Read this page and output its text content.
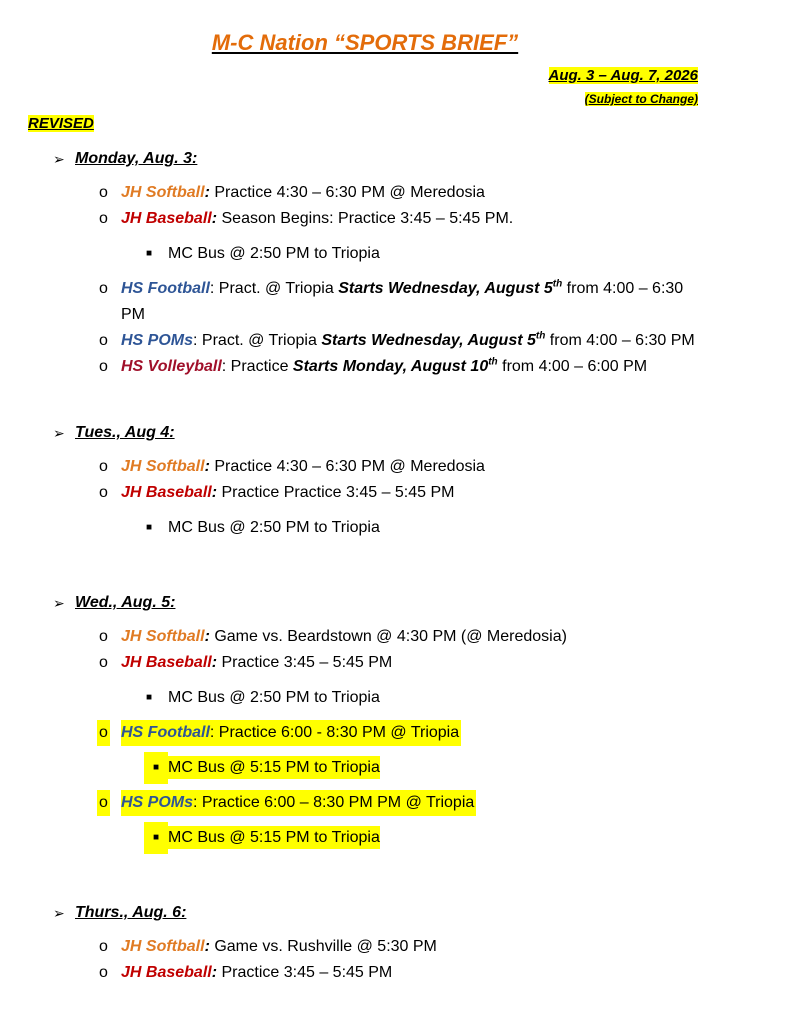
M-C Nation “SPORTS BRIEF”
Aug. 3 – Aug. 7, 2026
(Subject to Change)
REVISED
➢ Monday, Aug. 3:
o JH Softball: Practice 4:30 – 6:30 PM @ Meredosia
o JH Baseball: Season Begins: Practice 3:45 – 5:45 PM.
■ MC Bus @ 2:50 PM to Triopia
o HS Football: Pract. @ Triopia Starts Wednesday, August 5th from 4:00 – 6:30 PM
o HS POMs: Pract. @ Triopia Starts Wednesday, August 5th from 4:00 – 6:30 PM
o HS Volleyball: Practice Starts Monday, August 10th from 4:00 – 6:00 PM
➢ Tues., Aug 4:
o JH Softball: Practice 4:30 – 6:30 PM @ Meredosia
o JH Baseball: Practice Practice 3:45 – 5:45 PM
■ MC Bus @ 2:50 PM to Triopia
➢ Wed., Aug. 5:
o JH Softball: Game vs. Beardstown @ 4:30 PM (@ Meredosia)
o JH Baseball: Practice 3:45 – 5:45 PM
■ MC Bus @ 2:50 PM to Triopia
o HS Football: Practice 6:00 - 8:30 PM @ Triopia
■ MC Bus @ 5:15 PM to Triopia
o HS POMs: Practice 6:00 – 8:30 PM PM @ Triopia
■ MC Bus @ 5:15 PM to Triopia
➢ Thurs., Aug. 6:
o JH Softball: Game vs. Rushville @ 5:30 PM
o JH Baseball: Practice 3:45 – 5:45 PM
